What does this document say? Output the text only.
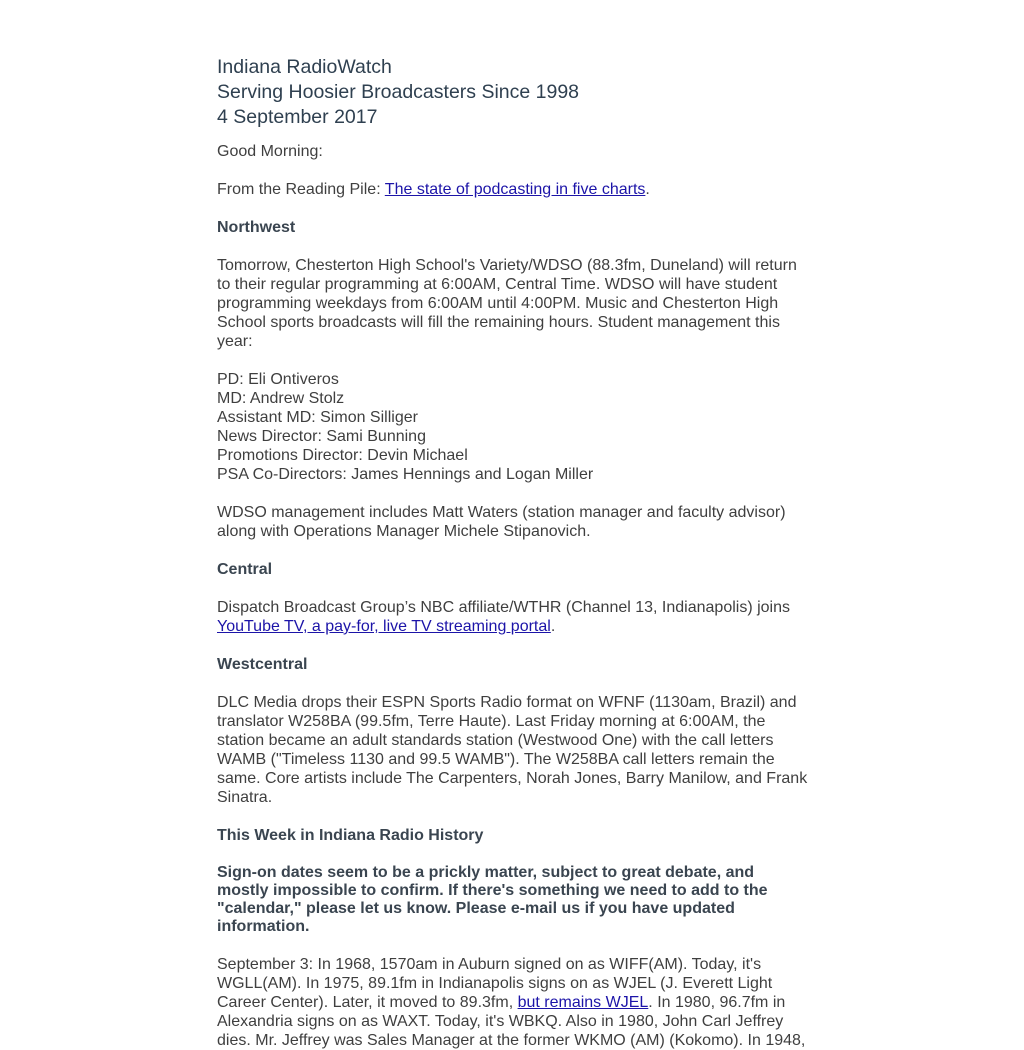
Indiana RadioWatch
Serving Hoosier Broadcasters Since 1998
4 September 2017

Good Morning:

From the Reading Pile: The state of podcasting in five charts.

Northwest

Tomorrow, Chesterton High School's Variety/WDSO (88.3fm, Duneland) will return to their regular programming at 6:00AM, Central Time. WDSO will have student programming weekdays from 6:00AM until 4:00PM. Music and Chesterton High School sports broadcasts will fill the remaining hours. Student management this year:

PD: Eli Ontiveros
MD: Andrew Stolz
Assistant MD: Simon Silliger
News Director: Sami Bunning
Promotions Director: Devin Michael
PSA Co-Directors: James Hennings and Logan Miller

WDSO management includes Matt Waters (station manager and faculty advisor) along with Operations Manager Michele Stipanovich.

Central

Dispatch Broadcast Group’s NBC affiliate/WTHR (Channel 13, Indianapolis) joins YouTube TV, a pay-for, live TV streaming portal.

Westcentral

DLC Media drops their ESPN Sports Radio format on WFNF (1130am, Brazil) and translator W258BA (99.5fm, Terre Haute). Last Friday morning at 6:00AM, the station became an adult standards station (Westwood One) with the call letters WAMB ("Timeless 1130 and 99.5 WAMB"). The W258BA call letters remain the same. Core artists include The Carpenters, Norah Jones, Barry Manilow, and Frank Sinatra.

This Week in Indiana Radio History

Sign-on dates seem to be a prickly matter, subject to great debate, and mostly impossible to confirm. If there's something we need to add to the "calendar," please let us know. Please e-mail us if you have updated information.

September 3: In 1968, 1570am in Auburn signed on as WIFF(AM). Today, it's WGLL(AM). In 1975, 89.1fm in Indianapolis signs on as WJEL (J. Everett Light Career Center). Later, it moved to 89.3fm, but remains WJEL. In 1980, 96.7fm in Alexandria signs on as WAXT. Today, it's WBKQ. Also in 1980, John Carl Jeffrey dies. Mr. Jeffrey was Sales Manager at the former WKMO (AM) (Kokomo). In 1948,
